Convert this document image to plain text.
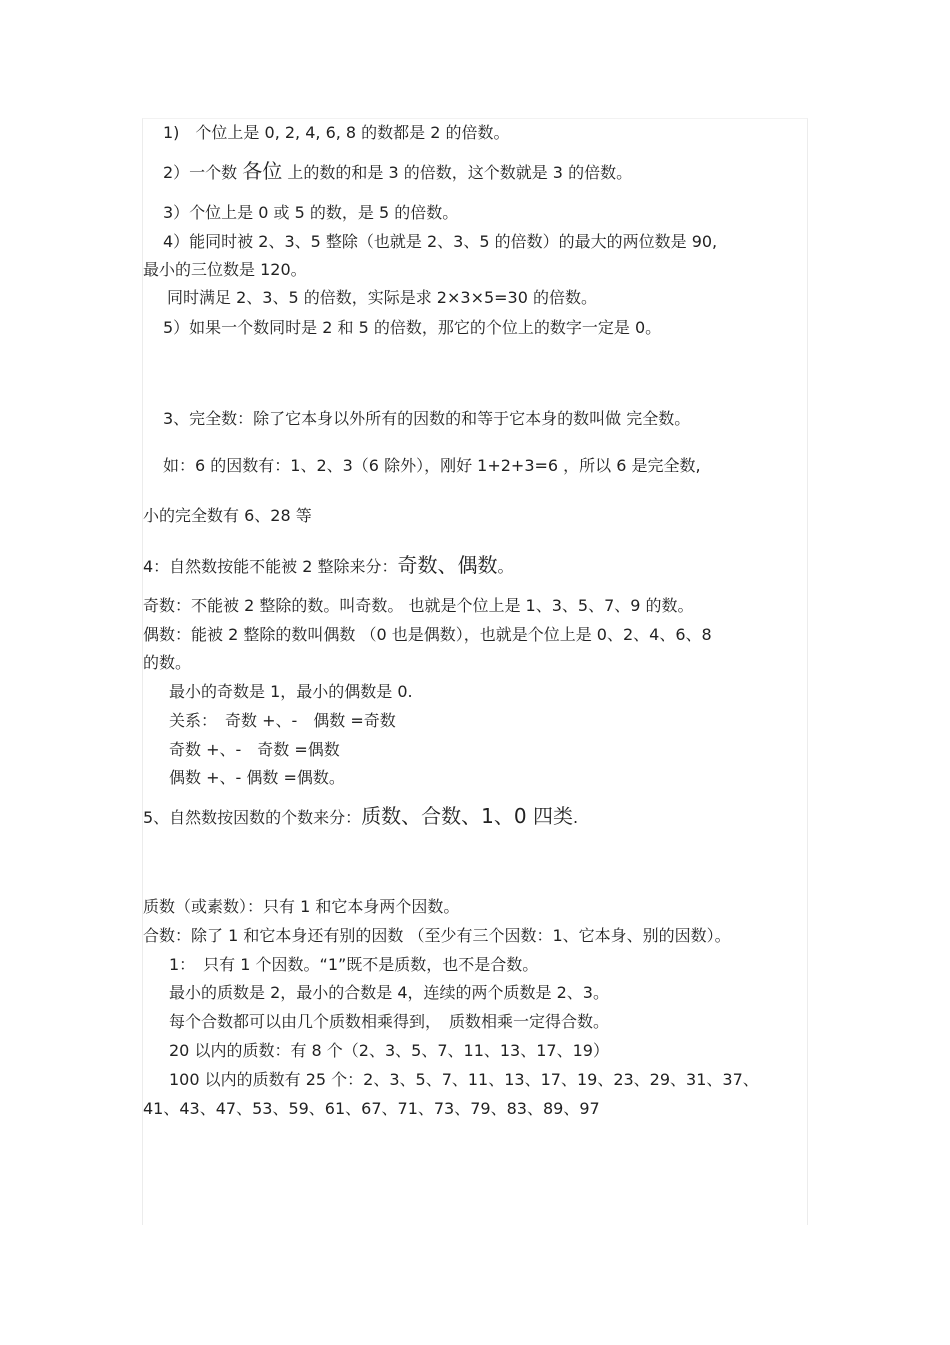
1)　个位上是 0, 2, 4, 6, 8 的数都是 2 的倍数。
2）一个数 各位 上的数的和是 3 的倍数，这个数就是 3 的倍数。
3）个位上是 0 或 5 的数，是 5 的倍数。
4）能同时被 2、3、5 整除（也就是 2、3、5 的倍数）的最大的两位数是 90,
最小的三位数是 120。
同时满足 2、3、5 的倍数，实际是求 2×3×5=30 的倍数。
5）如果一个数同时是 2 和 5 的倍数，那它的个位上的数字一定是 0。
3、完全数：除了它本身以外所有的因数的和等于它本身的数叫做 完全数。
如：6 的因数有：1、2、3（6 除外），刚好 1+2+3=6 ，所以 6 是完全数,
小的完全数有 6、28 等
4：自然数按能不能被 2 整除来分：奇数、偶数。
奇数：不能被 2 整除的数。叫奇数。 也就是个位上是 1、3、5、7、9 的数。
偶数：能被 2 整除的数叫偶数 （0 也是偶数），也就是个位上是 0、2、4、6、8
的数。
最小的奇数是 1，最小的偶数是 0.
关系：　奇数 +、-　偶数 =奇数
奇数 +、-　奇数 =偶数
偶数 +、- 偶数 =偶数。
5、自然数按因数的个数来分：质数、合数、1、0 四类.
质数（或素数）：只有 1 和它本身两个因数。
合数：除了 1 和它本身还有别的因数 （至少有三个因数：1、它本身、别的因数）。
1：　只有 1 个因数。“1”既不是质数，也不是合数。
最小的质数是 2，最小的合数是 4，连续的两个质数是 2、3。
每个合数都可以由几个质数相乘得到，　质数相乘一定得合数。
20 以内的质数：有 8 个（2、3、5、7、11、13、17、19）
100 以内的质数有 25 个：2、3、5、7、11、13、17、19、23、29、31、37、
41、43、47、53、59、61、67、71、73、79、83、89、97
